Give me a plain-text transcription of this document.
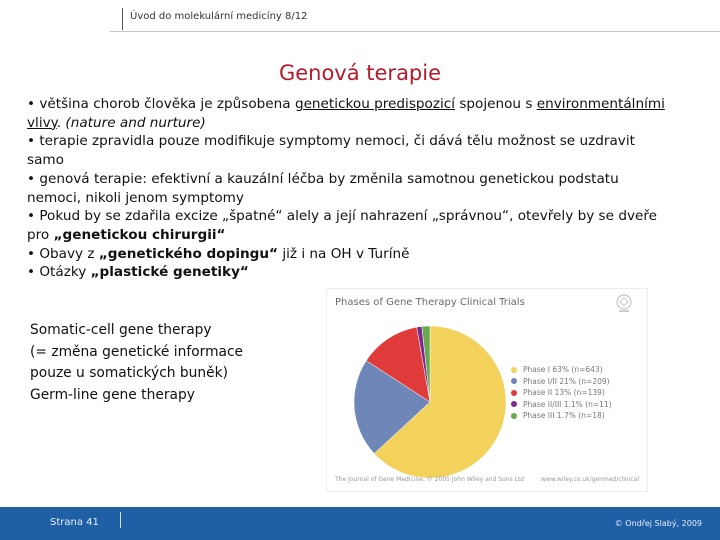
Úvod do molekulární medicíny 8/12
Genová terapie

• většina chorob člověka je způsobena genetickou predispozicí spojenou s environmentálními vlivy. (nature and nurture)

• terapie zpravidla pouze modifikuje symptomy nemoci, či dává tělu možnost se uzdravit samo

• genová terapie: efektivní a kauzální léčba by změnila samotnou genetickou podstatu nemoci, nikoli jenom symptomy

• Pokud by se zdařila excize „špatné“ alely a její nahrazení „správnou“, otevřely by se dveře pro „genetickou chirurgii“

• Obavy z „genetického dopingu“ již i na OH v Turíně

• Otázky „plastické genetiky“

Phases of Gene Therapy Clinical Trials
Phase I 63% (n=643)
Phase I/II 21% (n=209)
Phase II 13% (n=139)
Phase II/III 1.1% (n=11)
Phase III 1.7% (n=18)
The Journal of Gene Medicine, © 2005 John Wiley and Sons Ltd	www.wiley.co.uk/genmed/clinical

Somatic-cell gene therapy

(= změna genetické informace

pouze u somatických buněk)

Germ-line gene therapy

Strana 41	© Ondřej Slabý, 2009
